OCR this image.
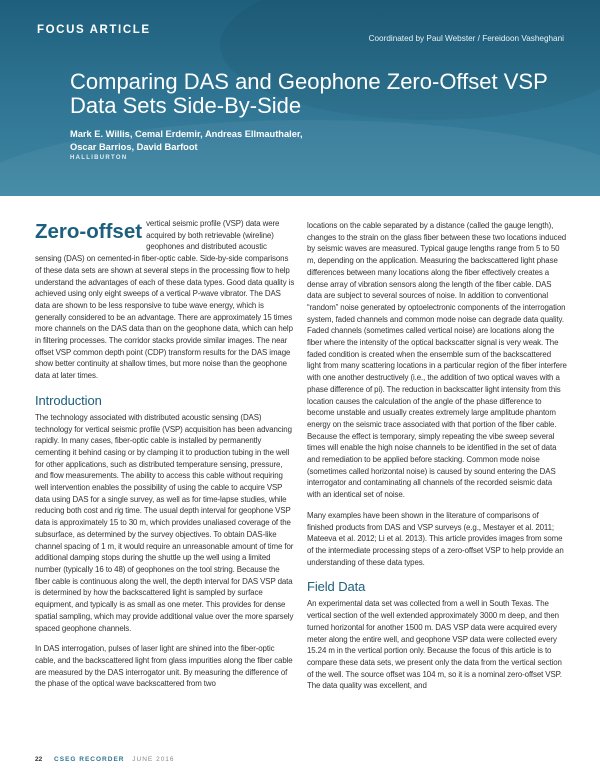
FOCUS ARTICLE
Coordinated by Paul Webster / Fereidoon Vasheghani
Comparing DAS and Geophone Zero-Offset VSP Data Sets Side-By-Side
Mark E. Willis, Cemal Erdemir, Andreas Ellmauthaler,
Oscar Barrios, David Barfoot
HALLIBURTON

Zero-offset vertical seismic profile (VSP) data were acquired by both retrievable (wireline) geophones and distributed acoustic sensing (DAS) on cemented-in fiber-optic cable. Side-by-side comparisons of these data sets are shown at several steps in the processing flow to help understand the advantages of each of these data types. Good data quality is achieved using only eight sweeps of a vertical P-wave vibrator. The DAS data are shown to be less responsive to tube wave energy, which is generally considered to be an advantage. There are approximately 15 times more channels on the DAS data than on the geophone data, which can help in filtering processes. The corridor stacks provide similar images. The near offset VSP common depth point (CDP) transform results for the DAS image show better continuity at shallow times, but more noise than the geophone data at later times.

Introduction

The technology associated with distributed acoustic sensing (DAS) technology for vertical seismic profile (VSP) acquisition has been advancing rapidly. In many cases, fiber-optic cable is installed by permanently cementing it behind casing or by clamping it to production tubing in the well for other applications, such as distributed temperature sensing, pressure, and flow measurements. The ability to access this cable without requiring well intervention enables the possibility of using the cable to acquire VSP data using DAS for a single survey, as well as for time-lapse studies, while reducing both cost and rig time. The usual depth interval for geophone VSP data is approximately 15 to 30 m, which provides unaliased coverage of the subsurface, as determined by the survey objectives. To obtain DAS-like channel spacing of 1 m, it would require an unreasonable amount of time for additional damping stops during the shuttle up the well using a limited number (typically 16 to 48) of geophones on the tool string. Because the fiber cable is continuous along the well, the depth interval for DAS VSP data is determined by how the backscattered light is sampled by surface equipment, and typically is as small as one meter. This provides for dense spatial sampling, which may provide additional value over the more sparsely spaced geophone channels.

In DAS interrogation, pulses of laser light are shined into the fiber-optic cable, and the backscattered light from glass impurities along the fiber cable are measured by the DAS interrogator unit. By measuring the difference of the phase of the optical wave backscattered from two

locations on the cable separated by a distance (called the gauge length), changes to the strain on the glass fiber between these two locations induced by seismic waves are measured. Typical gauge lengths range from 5 to 50 m, depending on the application. Measuring the backscattered light phase differences between many locations along the fiber effectively creates a dense array of vibration sensors along the length of the fiber cable. DAS data are subject to several sources of noise. In addition to conventional “random” noise generated by optoelectronic components of the interrogation system, faded channels and common mode noise can degrade data quality. Faded channels (sometimes called vertical noise) are locations along the fiber where the intensity of the optical backscatter signal is very weak. The faded condition is created when the ensemble sum of the backscattered light from many scattering locations in a particular region of the fiber interfere with one another destructively (i.e., the addition of two optical waves with a phase difference of pi). The reduction in backscatter light intensity from this location causes the calculation of the angle of the phase difference to become unstable and usually creates extremely large amplitude phantom energy on the seismic trace associated with that portion of the fiber cable. Because the effect is temporary, simply repeating the vibe sweep several times will enable the high noise channels to be identified in the set of data and remediation to be applied before stacking. Common mode noise (sometimes called horizontal noise) is caused by sound entering the DAS interrogator and contaminating all channels of the recorded seismic data with an identical set of noise.

Many examples have been shown in the literature of comparisons of finished products from DAS and VSP surveys (e.g., Mestayer et al. 2011; Mateeva et al. 2012; Li et al. 2013). This article provides images from some of the intermediate processing steps of a zero-offset VSP to help provide an understanding of these data types.

Field Data

An experimental data set was collected from a well in South Texas. The vertical section of the well extended approximately 3000 m deep, and then turned horizontal for another 1500 m. DAS VSP data were acquired every meter along the entire well, and geophone VSP data were collected every 15.24 m in the vertical portion only. Because the focus of this article is to compare these data sets, we present only the data from the vertical section of the well. The source offset was 104 m, so it is a nominal zero-offset VSP. The data quality was excellent, and

22 CSEG RECORDER JUNE 2016
